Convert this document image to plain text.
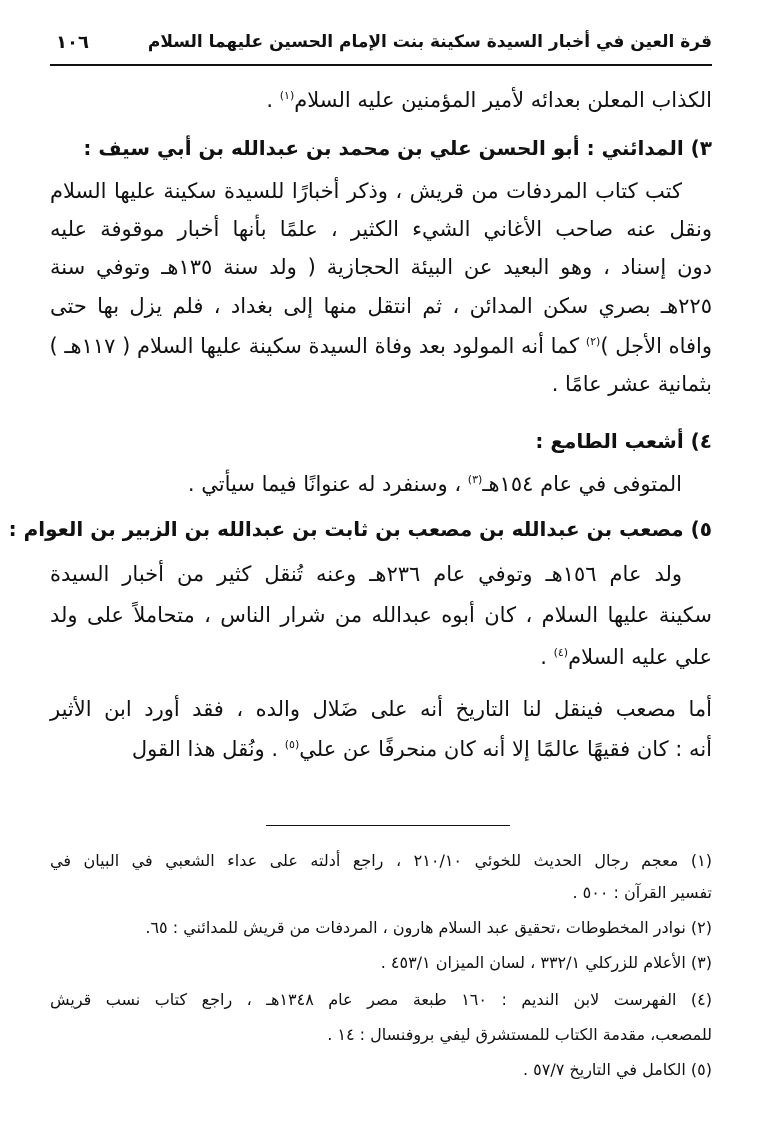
قرة العين في أخبار السيدة سكينة بنت الإمام الحسين عليهما السلام
١٠٦
الكذاب المعلن بعدائه لأمير المؤمنين عليه السلام$^{(١)}$ .
٣) المدائني : أبو الحسن علي بن محمد بن عبدالله بن أبي سيف :
كتب كتاب المردفات من قريش ، وذكر أخبارًا للسيدة سكينة عليها السلام
ونقل عنه صاحب الأغاني الشيء الكثير ، علمًا بأنها أخبار موقوفة عليه
دون إسناد ، وهو البعيد عن البيئة الحجازية ( ولد سنة ١٣٥هـ وتوفي سنة
٢٢٥هـ بصري سكن المدائن ، ثم انتقل منها إلى بغداد ، فلم يزل بها حتى
وافاه الأجل )$^{(٢)}$ كما أنه المولود بعد وفاة السيدة سكينة عليها السلام ( ١١٧هـ )
بثمانية عشر عامًا .
٤) أشعب الطامع :
المتوفى في عام ١٥٤هـ$^{(٣)}$ ، وسنفرد له عنوانًا فيما سيأتي .
٥) مصعب بن عبدالله بن مصعب بن ثابت بن عبدالله بن الزبير بن العوام :
ولد عام ١٥٦هـ وتوفي عام ٢٣٦هـ وعنه تُنقل كثير من أخبار السيدة
سكينة عليها السلام ، كان أبوه عبدالله من شرار الناس ، متحاملاً على ولد
علي عليه السلام$^{(٤)}$ .
أما مصعب فينقل لنا التاريخ أنه على ضَلال والده ، فقد أورد ابن الأثير
أنه : كان فقيهًا عالمًا إلا أنه كان منحرفًا عن علي$^{(٥)}$ . ونُقل هذا القول
(١) معجم رجال الحديث للخوئي ٢١٠/١٠ ، راجع أدلته على عداء الشعبي في البيان في
تفسير القرآن : ٥٠٠ .
(٢) نوادر المخطوطات ،تحقيق عبد السلام هارون ، المردفات من قريش للمدائني : ٦٥.
(٣) الأعلام للزركلي ٣٣٢/١ ، لسان الميزان ٤٥٣/١ .
(٤) الفهرست لابن النديم : ١٦٠ طبعة مصر عام ١٣٤٨هـ ، راجع كتاب نسب قريش
للمصعب، مقدمة الكتاب للمستشرق ليفي بروفنسال : ١٤ .
(٥) الكامل في التاريخ ٥٧/٧ .
